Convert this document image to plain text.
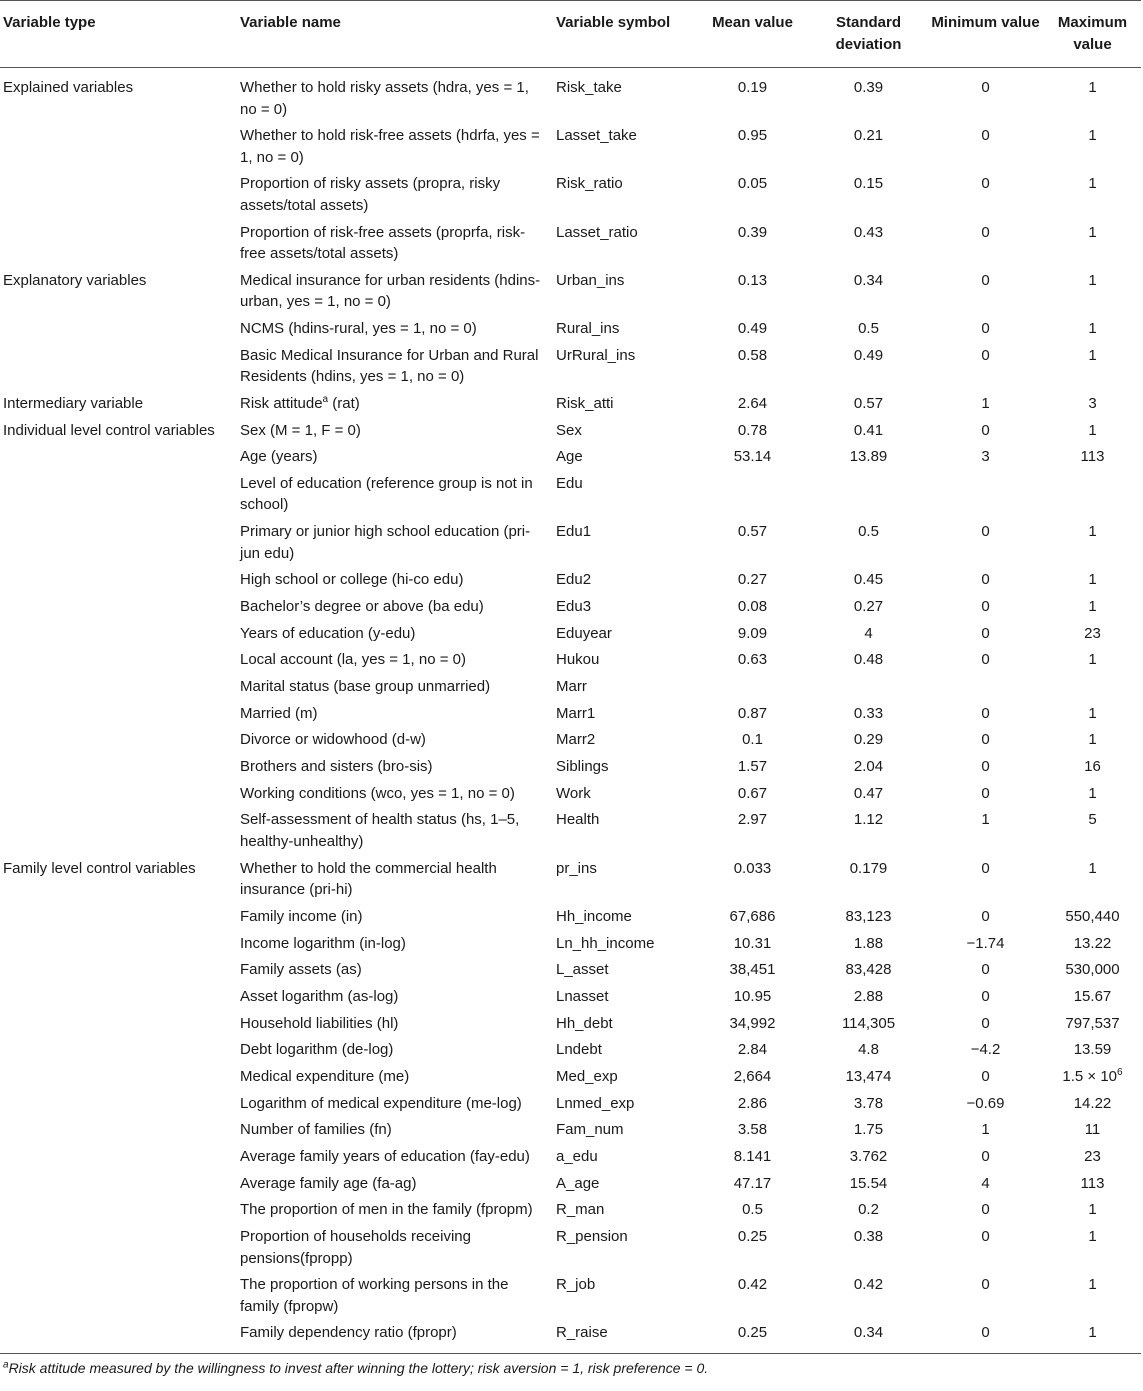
Variable type	Variable name	Variable symbol	Mean value	Standard deviation	Minimum value	Maximum value
Explained variables	Whether to hold risky assets (hdra, yes = 1, no = 0)	Risk_take	0.19	0.39	0	1
	Whether to hold risk-free assets (hdrfa, yes = 1, no = 0)	Lasset_take	0.95	0.21	0	1
	Proportion of risky assets (propra, risky assets/total assets)	Risk_ratio	0.05	0.15	0	1
	Proportion of risk-free assets (proprfa, risk-free assets/total assets)	Lasset_ratio	0.39	0.43	0	1
Explanatory variables	Medical insurance for urban residents (hdins-urban, yes = 1, no = 0)	Urban_ins	0.13	0.34	0	1
	NCMS (hdins-rural, yes = 1, no = 0)	Rural_ins	0.49	0.5	0	1
	Basic Medical Insurance for Urban and Rural Residents (hdins, yes = 1, no = 0)	UrRural_ins	0.58	0.49	0	1
Intermediary variable	Risk attitude$^a$ (rat)	Risk_atti	2.64	0.57	1	3
Individual level control variables	Sex (M = 1, F = 0)	Sex	0.78	0.41	0	1
	Age (years)	Age	53.14	13.89	3	113
	Level of education (reference group is not in school)	Edu				
	Primary or junior high school education (pri-jun edu)	Edu1	0.57	0.5	0	1
	High school or college (hi-co edu)	Edu2	0.27	0.45	0	1
	Bachelor’s degree or above (ba edu)	Edu3	0.08	0.27	0	1
	Years of education (y-edu)	Eduyear	9.09	4	0	23
	Local account (la, yes = 1, no = 0)	Hukou	0.63	0.48	0	1
	Marital status (base group unmarried)	Marr				
	Married (m)	Marr1	0.87	0.33	0	1
	Divorce or widowhood (d-w)	Marr2	0.1	0.29	0	1
	Brothers and sisters (bro-sis)	Siblings	1.57	2.04	0	16
	Working conditions (wco, yes = 1, no = 0)	Work	0.67	0.47	0	1
	Self-assessment of health status (hs, 1–5, healthy-unhealthy)	Health	2.97	1.12	1	5
Family level control variables	Whether to hold the commercial health insurance (pri-hi)	pr_ins	0.033	0.179	0	1
	Family income (in)	Hh_income	67,686	83,123	0	550,440
	Income logarithm (in-log)	Ln_hh_income	10.31	1.88	−1.74	13.22
	Family assets (as)	L_asset	38,451	83,428	0	530,000
	Asset logarithm (as-log)	Lnasset	10.95	2.88	0	15.67
	Household liabilities (hl)	Hh_debt	34,992	114,305	0	797,537
	Debt logarithm (de-log)	Lndebt	2.84	4.8	−4.2	13.59
	Medical expenditure (me)	Med_exp	2,664	13,474	0	$1.5 \times 10^6$
	Logarithm of medical expenditure (me-log)	Lnmed_exp	2.86	3.78	−0.69	14.22
	Number of families (fn)	Fam_num	3.58	1.75	1	11
	Average family years of education (fay-edu)	a_edu	8.141	3.762	0	23
	Average family age (fa-ag)	A_age	47.17	15.54	4	113
	The proportion of men in the family (fpropm)	R_man	0.5	0.2	0	1
	Proportion of households receiving pensions(fpropp)	R_pension	0.25	0.38	0	1
	The proportion of working persons in the family (fpropw)	R_job	0.42	0.42	0	1
	Family dependency ratio (fpropr)	R_raise	0.25	0.34	0	1
$^a$Risk attitude measured by the willingness to invest after winning the lottery; risk aversion = 1, risk preference = 0.
